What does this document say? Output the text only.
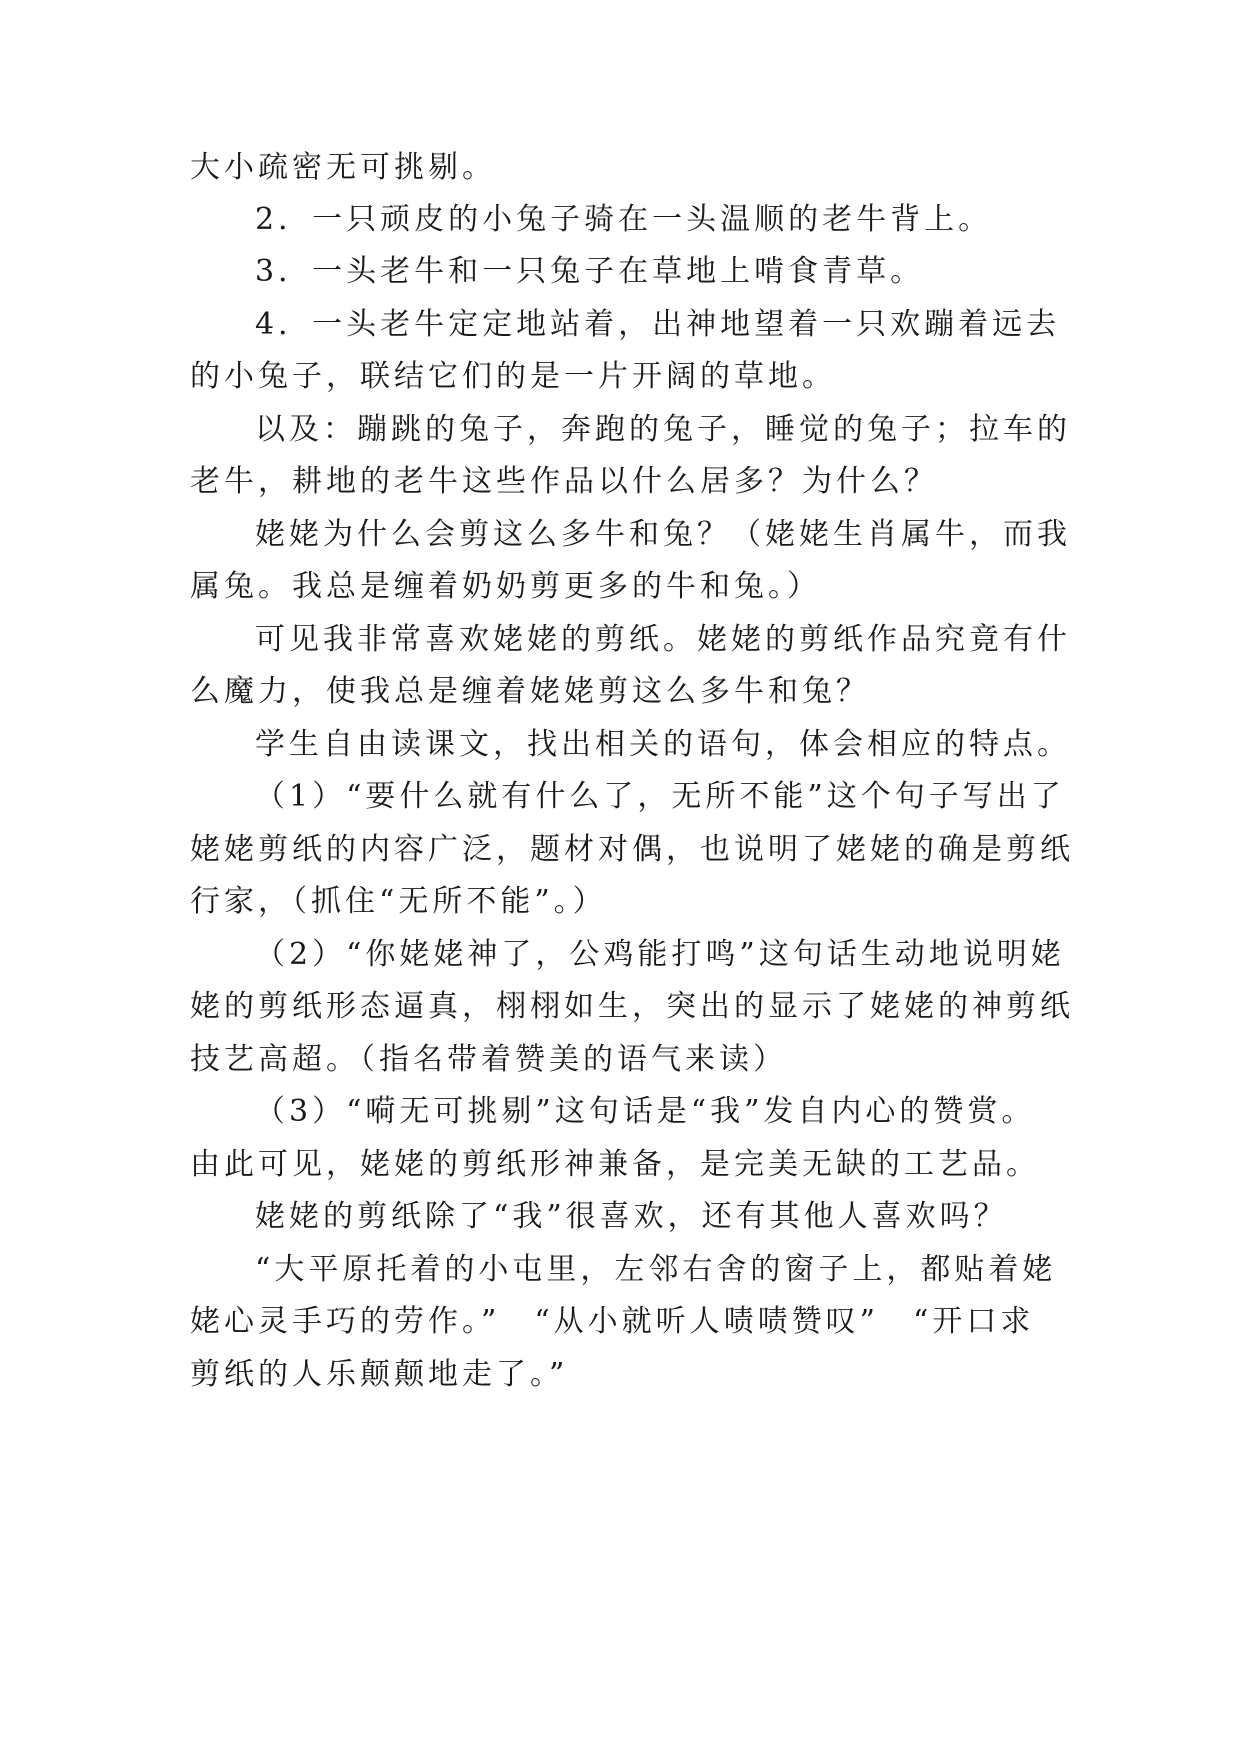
大小疏密无可挑剔。
2．一只顽皮的小兔子骑在一头温顺的老牛背上。
3．一头老牛和一只兔子在草地上啃食青草。
4．一头老牛定定地站着，出神地望着一只欢蹦着远去
的小兔子，联结它们的是一片开阔的草地。
以及：蹦跳的兔子，奔跑的兔子，睡觉的兔子；拉车的
老牛，耕地的老牛这些作品以什么居多？为什么？
姥姥为什么会剪这么多牛和兔？（姥姥生肖属牛，而我
属兔。我总是缠着奶奶剪更多的牛和兔。）
可见我非常喜欢姥姥的剪纸。姥姥的剪纸作品究竟有什
么魔力，使我总是缠着姥姥剪这么多牛和兔？
学生自由读课文，找出相关的语句，体会相应的特点。
（1）“要什么就有什么了，无所不能”这个句子写出了
姥姥剪纸的内容广泛，题材对偶，也说明了姥姥的确是剪纸
行家，（抓住“无所不能”。）
（2）“你姥姥神了，公鸡能打鸣”这句话生动地说明姥
姥的剪纸形态逼真，栩栩如生，突出的显示了姥姥的神剪纸
技艺高超。（指名带着赞美的语气来读）
（3）“嗬无可挑剔”这句话是“我”发自内心的赞赏。
由此可见，姥姥的剪纸形神兼备，是完美无缺的工艺品。
姥姥的剪纸除了“我”很喜欢，还有其他人喜欢吗？
“大平原托着的小屯里，左邻右舍的窗子上，都贴着姥
姥心灵手巧的劳作。”　“从小就听人啧啧赞叹”　“开口求
剪纸的人乐颠颠地走了。”
